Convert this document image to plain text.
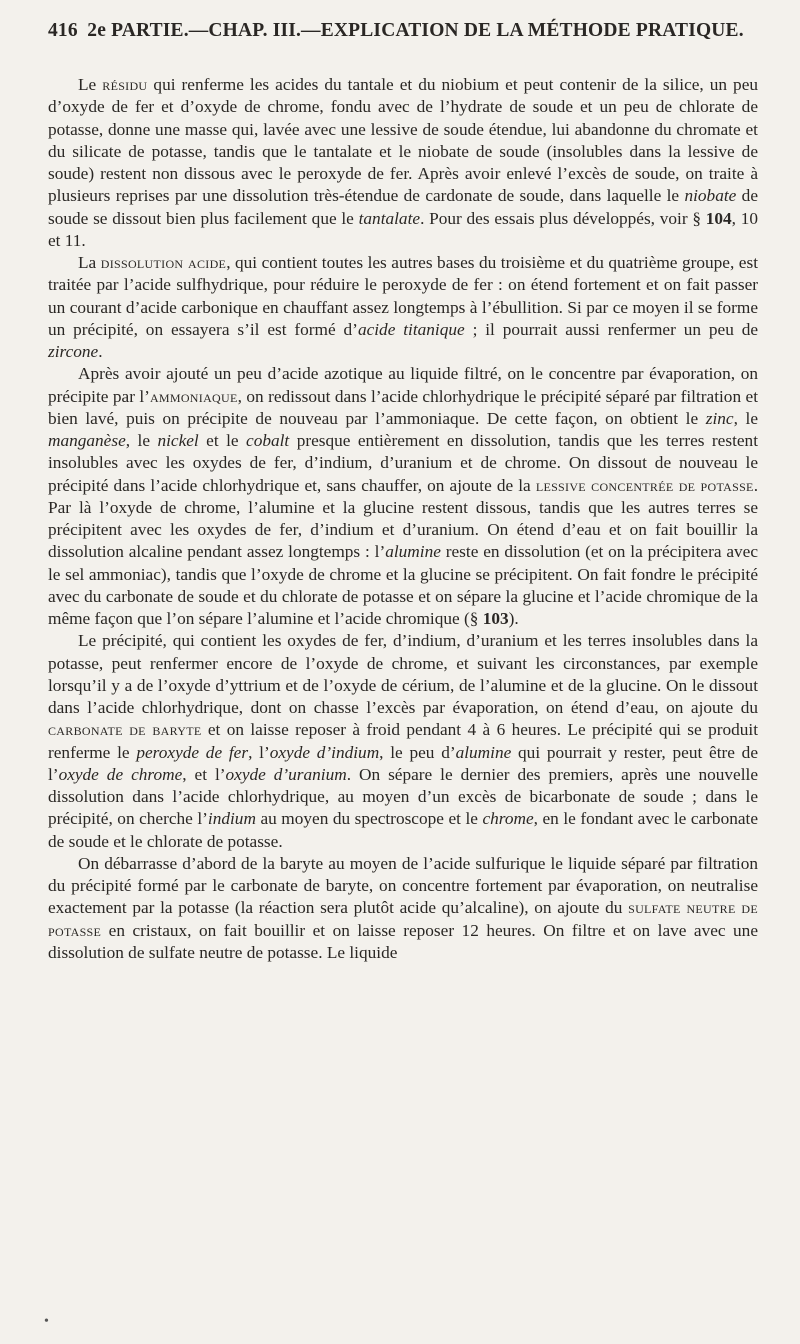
416 2e PARTIE.—CHAP. III.—EXPLICATION DE LA MÉTHODE PRATIQUE.

Le résidu qui renferme les acides du tantale et du niobium et peut contenir de la silice, un peu d’oxyde de fer et d’oxyde de chrome, fondu avec de l’hydrate de soude et un peu de chlorate de potasse, donne une masse qui, lavée avec une lessive de soude étendue, lui abandonne du chromate et du silicate de potasse, tandis que le tantalate et le niobate de soude (insolubles dans la lessive de soude) restent non dissous avec le peroxyde de fer. Après avoir enlevé l’excès de soude, on traite à plusieurs reprises par une dissolution très-étendue de cardonate de soude, dans laquelle le niobate de soude se dissout bien plus facilement que le tantalate. Pour des essais plus développés, voir § 104, 10 et 11.

La dissolution acide, qui contient toutes les autres bases du troisième et du quatrième groupe, est traitée par l’acide sulfhydrique, pour réduire le peroxyde de fer : on étend fortement et on fait passer un courant d’acide carbonique en chauffant assez longtemps à l’ébullition. Si par ce moyen il se forme un précipité, on essayera s’il est formé d’acide titanique ; il pourrait aussi renfermer un peu de zircone.

Après avoir ajouté un peu d’acide azotique au liquide filtré, on le concentre par évaporation, on précipite par l’ammoniaque, on redissout dans l’acide chlorhydrique le précipité séparé par filtration et bien lavé, puis on précipite de nouveau par l’ammoniaque. De cette façon, on obtient le zinc, le manganèse, le nickel et le cobalt presque entièrement en dissolution, tandis que les terres restent insolubles avec les oxydes de fer, d’indium, d’uranium et de chrome. On dissout de nouveau le précipité dans l’acide chlorhydrique et, sans chauffer, on ajoute de la lessive concentrée de potasse. Par là l’oxyde de chrome, l’alumine et la glucine restent dissous, tandis que les autres terres se précipitent avec les oxydes de fer, d’indium et d’uranium. On étend d’eau et on fait bouillir la dissolution alcaline pendant assez longtemps : l’alumine reste en dissolution (et on la précipitera avec le sel ammoniac), tandis que l’oxyde de chrome et la glucine se précipitent. On fait fondre le précipité avec du carbonate de soude et du chlorate de potasse et on sépare la glucine et l’acide chromique de la même façon que l’on sépare l’alumine et l’acide chromique (§ 103).

Le précipité, qui contient les oxydes de fer, d’indium, d’uranium et les terres insolubles dans la potasse, peut renfermer encore de l’oxyde de chrome, et suivant les circonstances, par exemple lorsqu’il y a de l’oxyde d’yttrium et de l’oxyde de cérium, de l’alumine et de la glucine. On le dissout dans l’acide chlorhydrique, dont on chasse l’excès par évaporation, on étend d’eau, on ajoute du carbonate de baryte et on laisse reposer à froid pendant 4 à 6 heures. Le précipité qui se produit renferme le peroxyde de fer, l’oxyde d’indium, le peu d’alumine qui pourrait y rester, peut être de l’oxyde de chrome, et l’oxyde d’uranium. On sépare le dernier des premiers, après une nouvelle dissolution dans l’acide chlorhydrique, au moyen d’un excès de bicarbonate de soude ; dans le précipité, on cherche l’indium au moyen du spectroscope et le chrome, en le fondant avec le carbonate de soude et le chlorate de potasse.

On débarrasse d’abord de la baryte au moyen de l’acide sulfurique le liquide séparé par filtration du précipité formé par le carbonate de baryte, on concentre fortement par évaporation, on neutralise exactement par la potasse (la réaction sera plutôt acide qu’alcaline), on ajoute du sulfate neutre de potasse en cristaux, on fait bouillir et on laisse reposer 12 heures. On filtre et on lave avec une dissolution de sulfate neutre de potasse. Le liquide

•
